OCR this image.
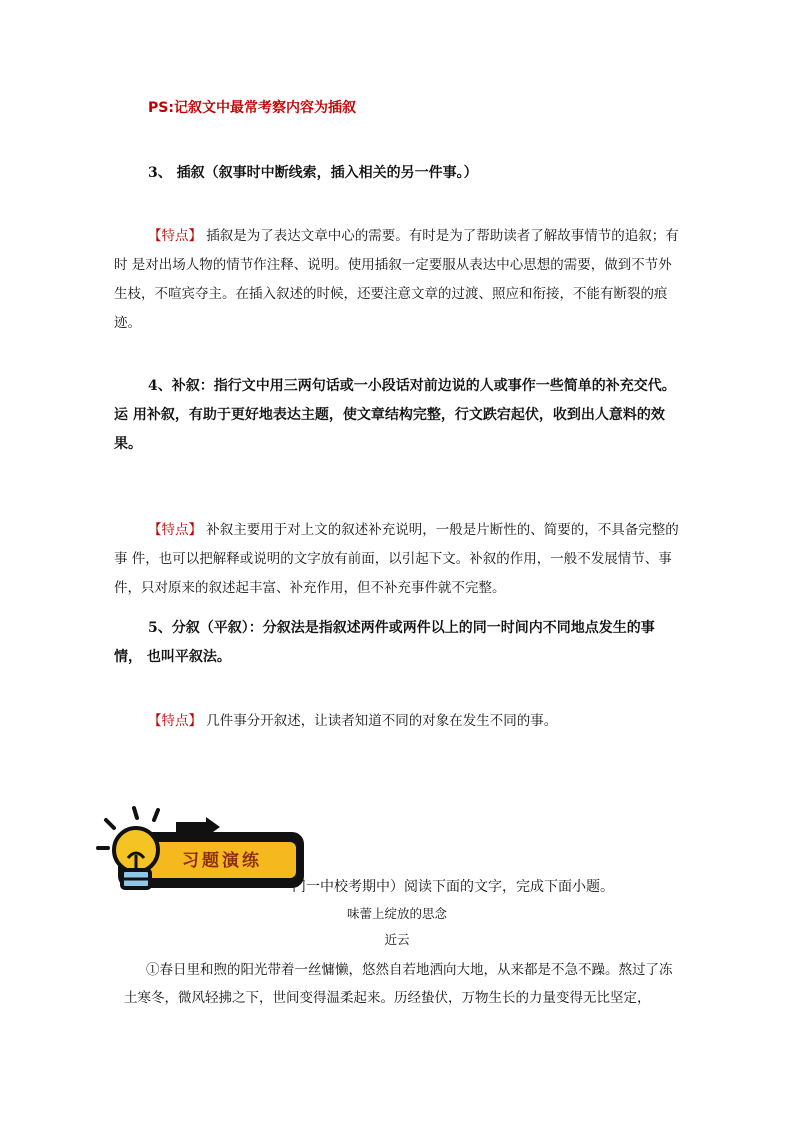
PS:记叙文中最常考察内容为插叙
3、 插叙（叙事时中断线索，插入相关的另一件事。）
【特点】 插叙是为了表达文章中心的需要。有时是为了帮助读者了解故事情节的追叙；有时 是对出场人物的情节作注释、说明。使用插叙一定要服从表达中心思想的需要，做到不节外生枝，不喧宾夺主。在插入叙述的时候，还要注意文章的过渡、照应和衔接，不能有断裂的痕迹。
4、补叙：指行文中用三两句话或一小段话对前边说的人或事作一些简单的补充交代。运 用补叙，有助于更好地表达主题，使文章结构完整，行文跌宕起伏，收到出人意料的效果。
【特点】 补叙主要用于对上文的叙述补充说明，一般是片断性的、简要的，不具备完整的事 件，也可以把解释或说明的文字放有前面，以引起下文。补叙的作用，一般不发展情节、事件，只对原来的叙述起丰富、补充作用，但不补充事件就不完整。
5、分叙（平叙）：分叙法是指叙述两件或两件以上的同一时间内不同地点发生的事情， 也叫平叙法。
【特点】 几件事分开叙述，让读者知道不同的对象在发生不同的事。
习题演练
门一中校考期中）阅读下面的文字，完成下面小题。
味蕾上绽放的思念
近云
①春日里和煦的阳光带着一丝慵懒，悠然自若地洒向大地，从来都是不急不躁。熬过了冻土寒冬，微风轻拂之下，世间变得温柔起来。历经蛰伏，万物生长的力量变得无比坚定，
